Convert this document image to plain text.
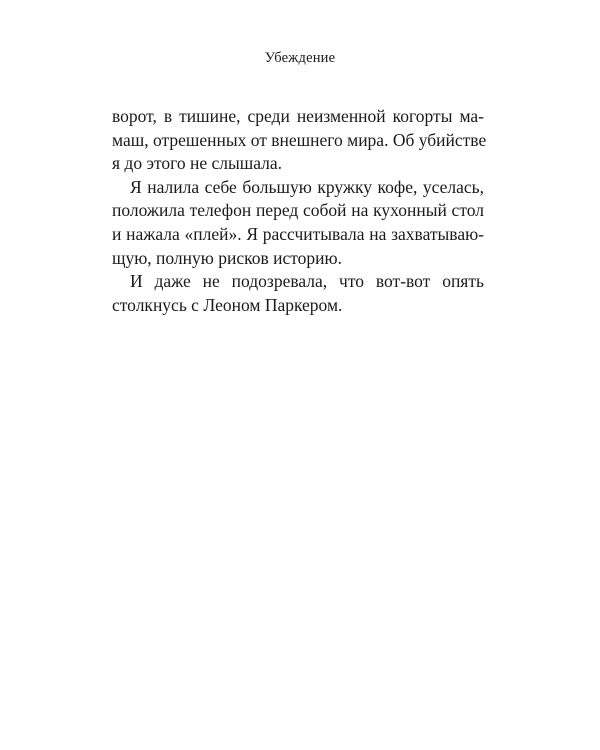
Убеждение
ворот, в тишине, среди неизменной когорты ма-
маш, отрешенных от внешнего мира. Об убийстве
я до этого не слышала.
Я налила себе большую кружку кофе, уселась,
положила телефон перед собой на кухонный стол
и нажала «плей». Я рассчитывала на захватываю-
щую, полную рисков историю.
И даже не подозревала, что вот-вот опять
столкнусь с Леоном Паркером.
